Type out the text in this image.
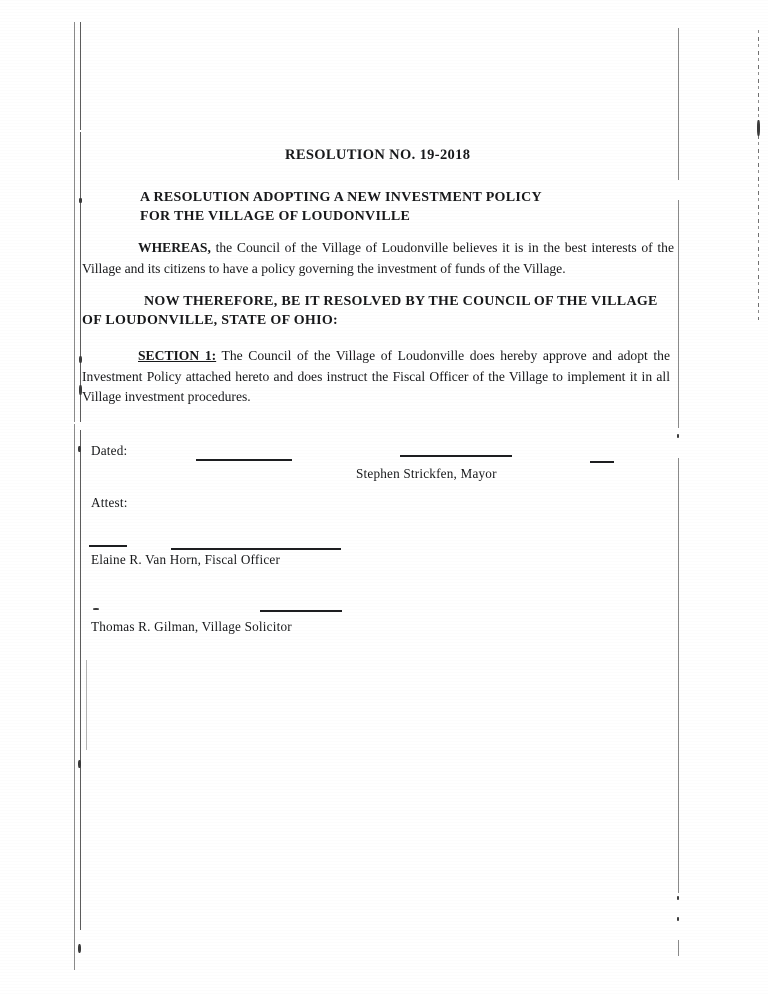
RESOLUTION NO. 19-2018
A RESOLUTION ADOPTING A NEW INVESTMENT POLICY
FOR THE VILLAGE OF LOUDONVILLE
WHEREAS, the Council of the Village of Loudonville believes it is in the best interests of the Village and its citizens to have a policy governing the investment of funds of the Village.
NOW THEREFORE, BE IT RESOLVED BY THE COUNCIL OF THE VILLAGE
OF LOUDONVILLE, STATE OF OHIO:
SECTION 1: The Council of the Village of Loudonville does hereby approve and adopt the Investment Policy attached hereto and does instruct the Fiscal Officer of the Village to implement it in all Village investment procedures.
Dated:
Stephen Strickfen, Mayor
Attest:
Elaine R. Van Horn, Fiscal Officer
Thomas R. Gilman, Village Solicitor
